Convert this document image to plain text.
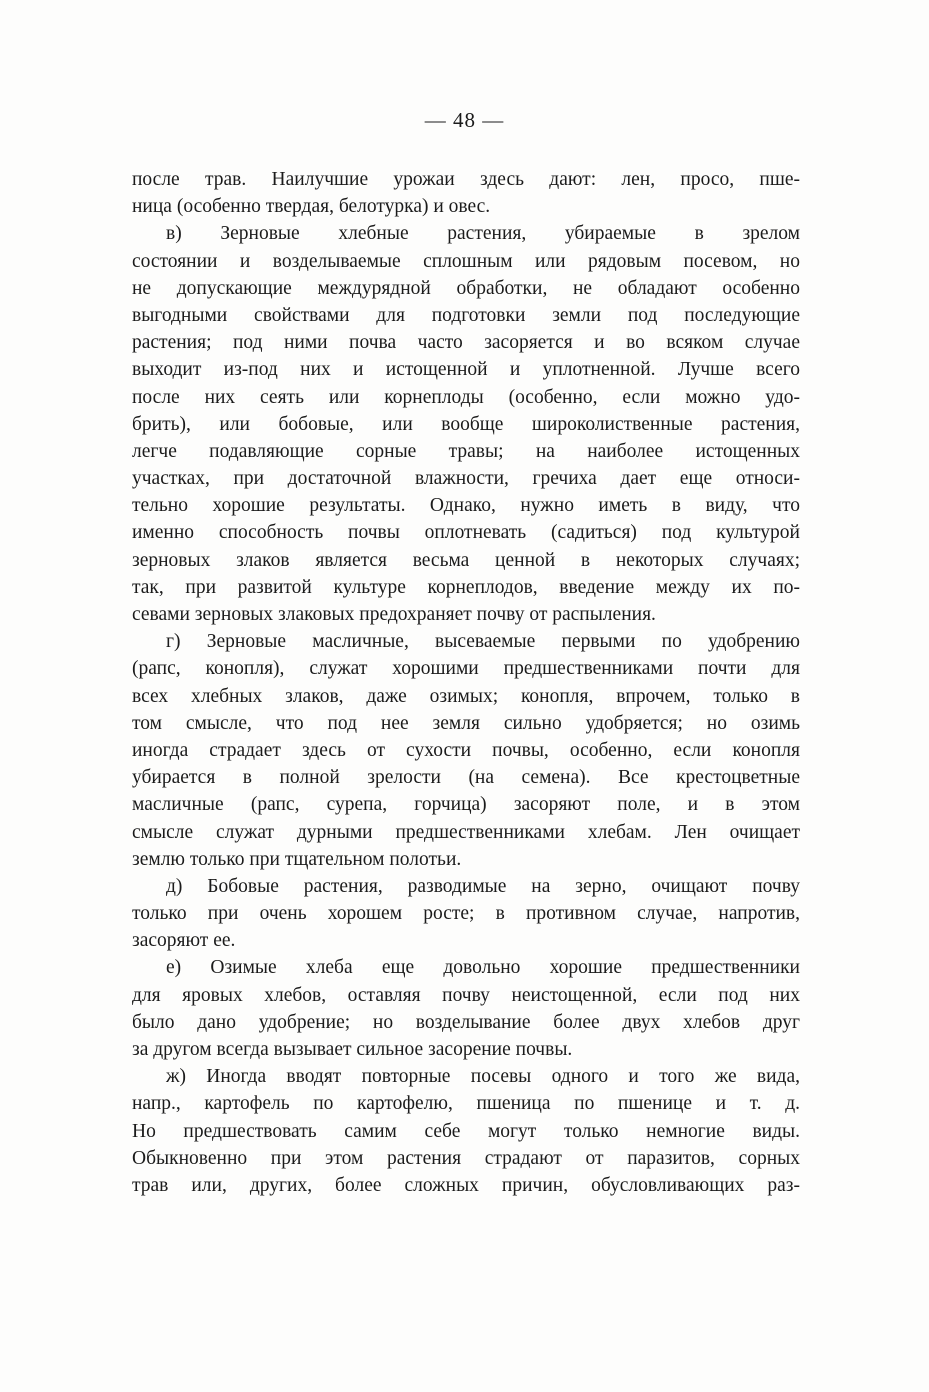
— 48 —
после трав. Наилучшие урожаи здесь дают: лен, просо, пше-
ница (особенно твердая, белотурка) и овес.
в) Зерновые хлебные растения, убираемые в зрелом
состоянии и возделываемые сплошным или рядовым посевом, но
не допускающие междурядной обработки, не обладают особенно
выгодными свойствами для подготовки земли под последующие
растения; под ними почва часто засоряется и во всяком случае
выходит из-под них и истощенной и уплотненной. Лучше всего
после них сеять или корнеплоды (особенно, если можно удо-
брить), или бобовые, или вообще широколиственные растения,
легче подавляющие сорные травы; на наиболее истощенных
участках, при достаточной влажности, гречиха дает еще относи-
тельно хорошие результаты. Однако, нужно иметь в виду, что
именно способность почвы оплотневать (садиться) под культурой
зерновых злаков является весьма ценной в некоторых случаях;
так, при развитой культуре корнеплодов, введение между их по-
севами зерновых злаковых предохраняет почву от распыления.
г) Зерновые масличные, высеваемые первыми по удобрению
(рапс, конопля), служат хорошими предшественниками почти для
всех хлебных злаков, даже озимых; конопля, впрочем, только в
том смысле, что под нее земля сильно удобряется; но озимь
иногда страдает здесь от сухости почвы, особенно, если конопля
убирается в полной зрелости (на семена). Все крестоцветные
масличные (рапс, сурепа, горчица) засоряют поле, и в этом
смысле служат дурными предшественниками хлебам. Лен очищает
землю только при тщательном полотьи.
д) Бобовые растения, разводимые на зерно, очищают почву
только при очень хорошем росте; в противном случае, напротив,
засоряют ее.
е) Озимые хлеба еще довольно хорошие предшественники
для яровых хлебов, оставляя почву неистощенной, если под них
было дано удобрение; но возделывание более двух хлебов друг
за другом всегда вызывает сильное засорение почвы.
ж) Иногда вводят повторные посевы одного и того же вида,
напр., картофель по картофелю, пшеница по пшенице и т. д.
Но предшествовать самим себе могут только немногие виды.
Обыкновенно при этом растения страдают от паразитов, сорных
трав или, других, более сложных причин, обусловливающих раз-
